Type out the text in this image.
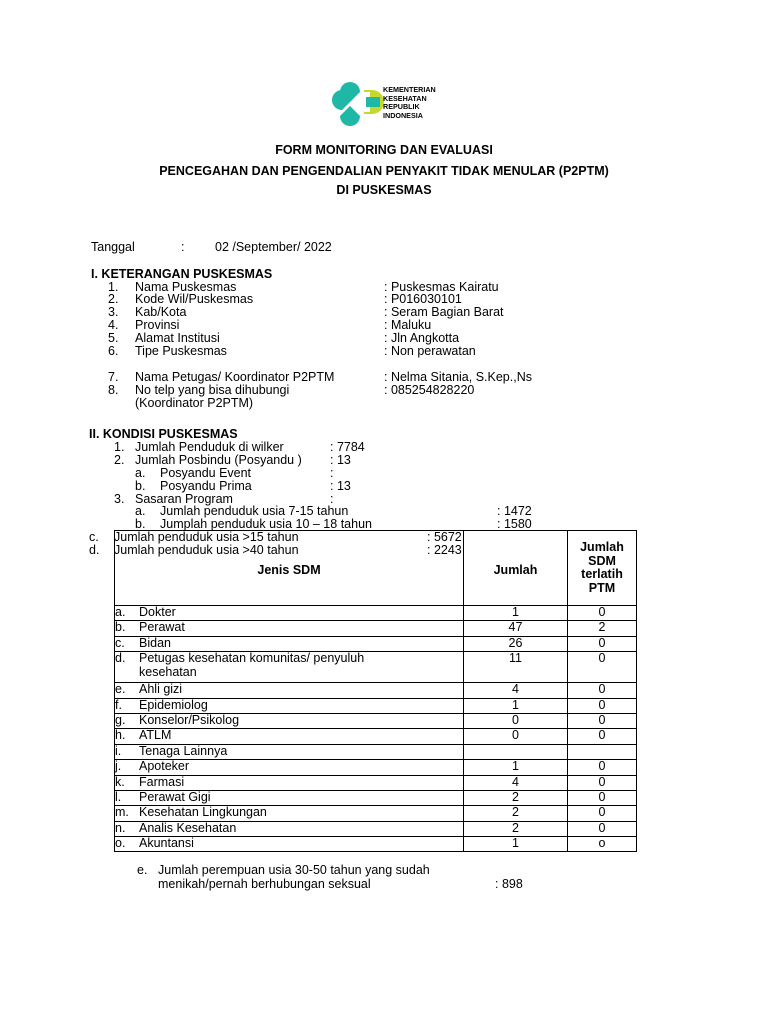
KEMENTERIAN
KESEHATAN
REPUBLIK
INDONESIA
FORM MONITORING DAN EVALUASI
PENCEGAHAN DAN PENGENDALIAN PENYAKIT TIDAK MENULAR (P2PTM)
DI PUSKESMAS
Tanggal	: 02 /September/ 2022
I. KETERANGAN PUSKESMAS
1. Nama Puskesmas	: Puskesmas Kairatu
2. Kode Wil/Puskesmas	: P016030101
3. Kab/Kota	: Seram Bagian Barat
4. Provinsi	: Maluku
5. Alamat Institusi	: Jln Angkotta
6. Tipe Puskesmas	: Non perawatan
7. Nama Petugas/ Koordinator P2PTM	: Nelma Sitania, S.Kep.,Ns
8. No telp yang bisa dihubungi	: 085254828220
(Koordinator P2PTM)
II. KONDISI PUSKESMAS
1. Jumlah Penduduk di wilker	: 7784
2. Jumlah Posbindu (Posyandu ) : 13
a. Posyandu Event	:
b. Posyandu Prima	: 13
3. Sasaran Program	:
a. Jumlah penduduk usia 7-15 tahun	: 1472
b. Jumplah penduduk usia 10 – 18 tahun	: 1580
Jenis SDM	Jumlah	Jumlah SDM terlatih PTM

a. Dokter	1	0

b. Perawat	47	2

c. Bidan	26	0

d. Petugas kesehatan komunitas/ penyuluh kesehatan	11	0

e. Ahli gizi	4	0

f. Epidemiolog	1	0

g. Konselor/Psikolog	0	0

h. ATLM	0	0

i. Tenaga Lainnya		

j. Apoteker	1	0

k. Farmasi	4	0

l. Perawat Gigi	2	0

m. Kesehatan Lingkungan	2	0

n. Analis Kesehatan	2	0

o. Akuntansi	1	o
c. Jumlah penduduk usia >15 tahun	: 5672
d. Jumlah penduduk usia >40 tahun	: 2243
e. Jumlah perempuan usia 30-50 tahun yang sudah
menikah/pernah berhubungan seksual	: 898
